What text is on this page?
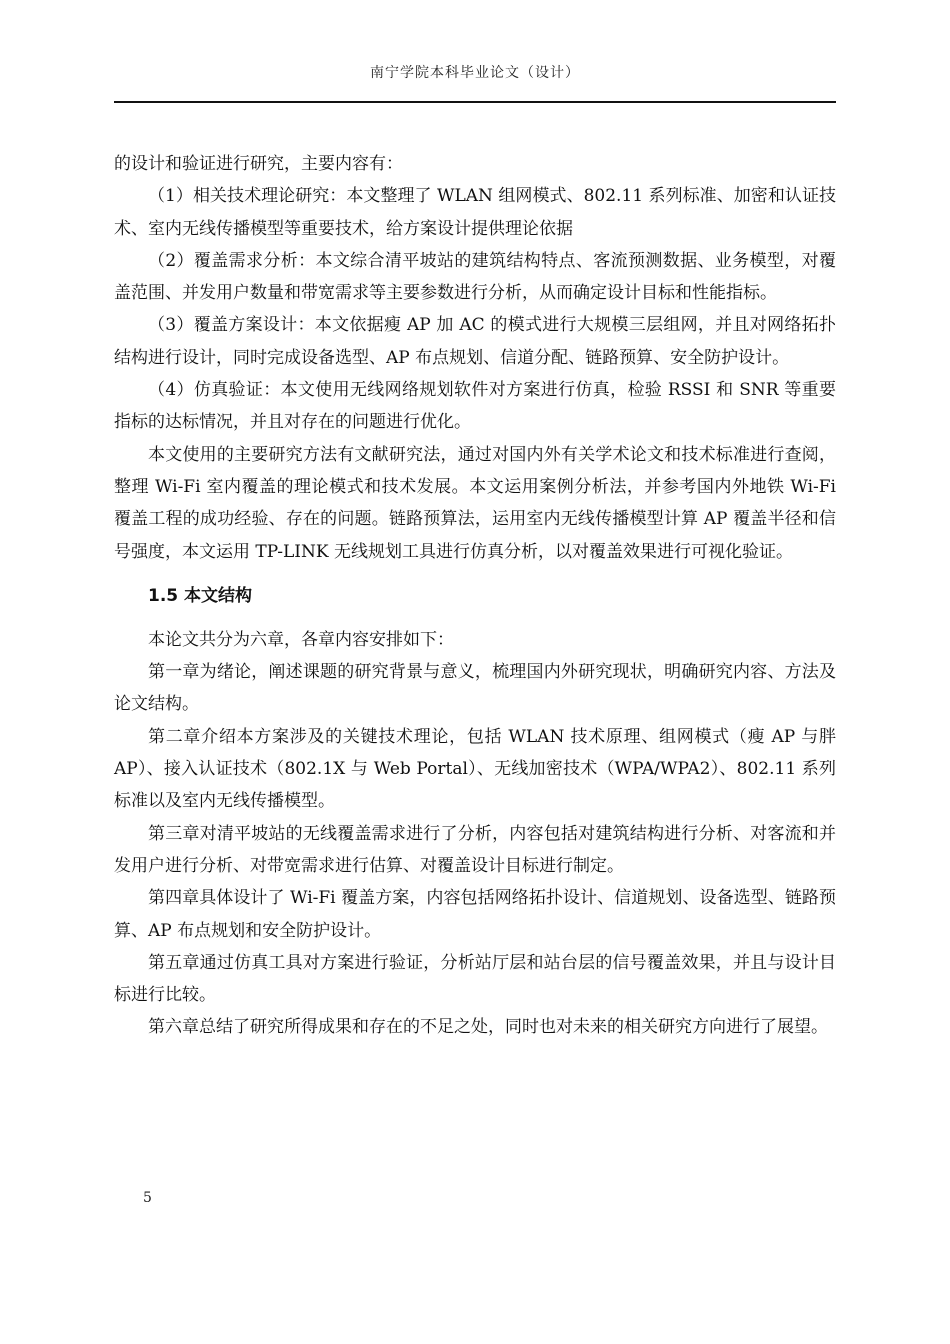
南宁学院本科毕业论文（设计）

的设计和验证进行研究，主要内容有：

（1）相关技术理论研究：本文整理了 WLAN 组网模式、802.11 系列标准、加密和认证技术、室内无线传播模型等重要技术，给方案设计提供理论依据

（2）覆盖需求分析：本文综合清平坡站的建筑结构特点、客流预测数据、业务模型，对覆盖范围、并发用户数量和带宽需求等主要参数进行分析，从而确定设计目标和性能指标。

（3）覆盖方案设计：本文依据瘦 AP 加 AC 的模式进行大规模三层组网，并且对网络拓扑结构进行设计，同时完成设备选型、AP 布点规划、信道分配、链路预算、安全防护设计。

（4）仿真验证：本文使用无线网络规划软件对方案进行仿真，检验 RSSI 和 SNR 等重要指标的达标情况，并且对存在的问题进行优化。

本文使用的主要研究方法有文献研究法，通过对国内外有关学术论文和技术标准进行查阅，整理 Wi-Fi 室内覆盖的理论模式和技术发展。本文运用案例分析法，并参考国内外地铁 Wi-Fi 覆盖工程的成功经验、存在的问题。链路预算法，运用室内无线传播模型计算 AP 覆盖半径和信号强度，本文运用 TP-LINK 无线规划工具进行仿真分析，以对覆盖效果进行可视化验证。

1.5 本文结构

本论文共分为六章，各章内容安排如下：

第一章为绪论，阐述课题的研究背景与意义，梳理国内外研究现状，明确研究内容、方法及论文结构。

第二章介绍本方案涉及的关键技术理论，包括 WLAN 技术原理、组网模式（瘦 AP 与胖 AP）、接入认证技术（802.1X 与 Web Portal）、无线加密技术（WPA/WPA2）、802.11 系列标准以及室内无线传播模型。

第三章对清平坡站的无线覆盖需求进行了分析，内容包括对建筑结构进行分析、对客流和并发用户进行分析、对带宽需求进行估算、对覆盖设计目标进行制定。

第四章具体设计了 Wi-Fi 覆盖方案，内容包括网络拓扑设计、信道规划、设备选型、链路预算、AP 布点规划和安全防护设计。

第五章通过仿真工具对方案进行验证，分析站厅层和站台层的信号覆盖效果，并且与设计目标进行比较。

第六章总结了研究所得成果和存在的不足之处，同时也对未来的相关研究方向进行了展望。

5
